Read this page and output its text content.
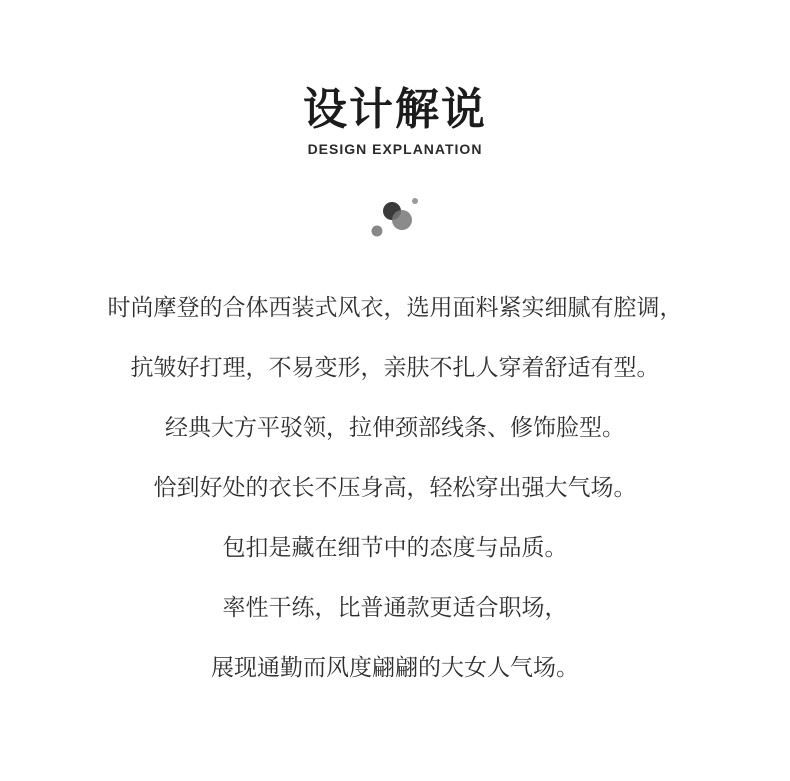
设计解说
DESIGN EXPLANATION
时尚摩登的合体西装式风衣，选用面料紧实细腻有腔调，
抗皱好打理，不易变形，亲肤不扎人穿着舒适有型。
经典大方平驳领，拉伸颈部线条、修饰脸型。
恰到好处的衣长不压身高，轻松穿出强大气场。
包扣是藏在细节中的态度与品质。
率性干练，比普通款更适合职场，
展现通勤而风度翩翩的大女人气场。
